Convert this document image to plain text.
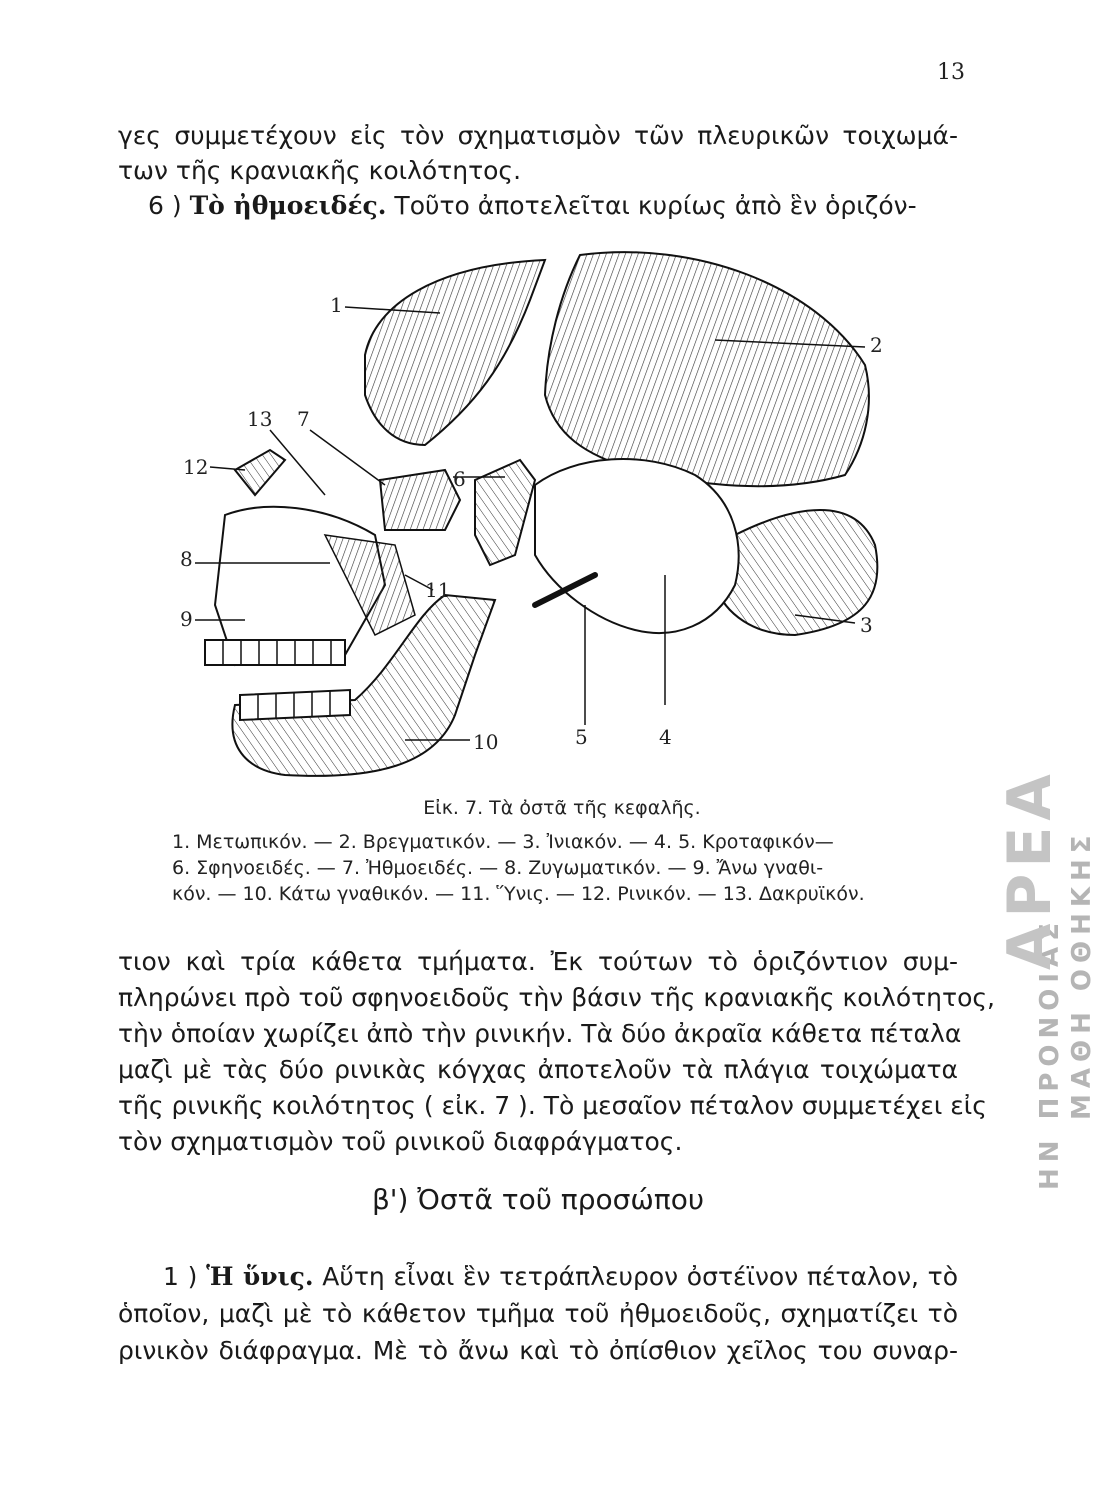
13
γες συμμετέχουν εἰς τὸν σχηματισμὸν τῶν πλευρικῶν τοιχωμά-
των τῆς κρανιακῆς κοιλότητος.
6 ) Τὸ ἠθμοειδές. Τοῦτο ἀποτελεῖται κυρίως ἀπὸ ἓν ὁριζόν-
1
2
3
4
5
6
7
8
9
10
11
12
13
Εἰκ. 7. Τὰ ὀστᾶ τῆς κεφαλῆς.
1. Μετωπικόν. — 2. Βρεγματικόν. — 3. Ἰνιακόν. — 4. 5. Κροταφικόν—
6. Σφηνοειδές. — 7. Ἠθμοειδές. — 8. Ζυγωματικόν. — 9. Ἄνω γναθι-
κόν. — 10. Κάτω γναθικόν. — 11. Ὕνις. — 12. Ρινικόν. — 13. Δακρυϊκόν.
τιον καὶ τρία κάθετα τμήματα. Ἐκ τούτων τὸ ὁριζόντιον συμ-
πληρώνει πρὸ τοῦ σφηνοειδοῦς τὴν βάσιν τῆς κρανιακῆς κοιλότητος,
τὴν ὁποίαν χωρίζει ἀπὸ τὴν ρινικήν. Τὰ δύο ἀκραῖα κάθετα πέταλα
μαζὶ μὲ τὰς δύο ρινικὰς κόγχας ἀποτελοῦν τὰ πλάγια τοιχώματα
τῆς ρινικῆς κοιλότητος ( εἰκ. 7 ). Τὸ μεσαῖον πέταλον συμμετέχει εἰς
τὸν σχηματισμὸν τοῦ ρινικοῦ διαφράγματος.
β') Ὀστᾶ τοῦ προσώπου
1 ) Ἡ ὕνις. Αὕτη εἶναι ἓν τετράπλευρον ὀστέϊνον πέταλον, τὸ
ὁποῖον, μαζὶ μὲ τὸ κάθετον τμῆμα τοῦ ἠθμοειδοῦς, σχηματίζει τὸ
ρινικὸν διάφραγμα. Μὲ τὸ ἄνω καὶ τὸ ὀπίσθιον χεῖλος του συναρ-
ΗΝ ΠΡΟΝΟΙΑΣ
ΑΡΕΑ ΜΑΘΗ ΟΘΗΚΗΣ
